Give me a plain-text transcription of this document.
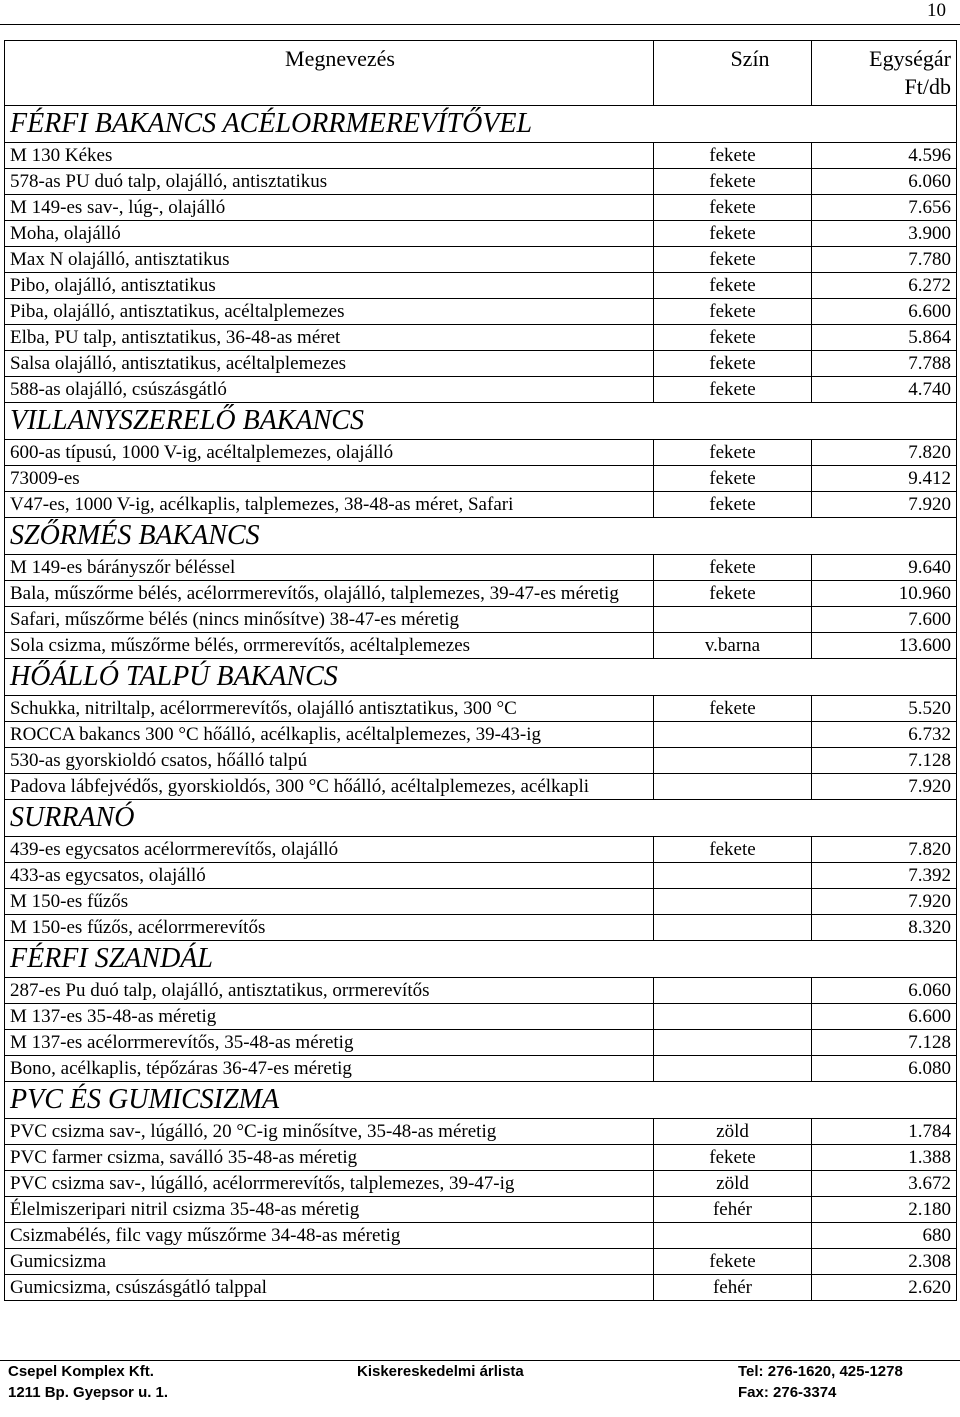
10
Megnevezés	Szín	Egységár
Ft/db

FÉRFI BAKANCS ACÉLORRMEREVÍTŐVEL		
M 130 Kékes	fekete	4.596
578-as PU duó talp, olajálló, antisztatikus	fekete	6.060
M 149-es sav-, lúg-, olajálló	fekete	7.656
Moha, olajálló	fekete	3.900
Max N olajálló, antisztatikus	fekete	7.780
Pibo, olajálló, antisztatikus	fekete	6.272
Piba, olajálló, antisztatikus, acéltalplemezes	fekete	6.600
Elba, PU talp, antisztatikus, 36-48-as méret	fekete	5.864
Salsa olajálló, antisztatikus, acéltalplemezes	fekete	7.788
588-as olajálló, csúszásgátló	fekete	4.740
VILLANYSZERELŐ BAKANCS		
600-as típusú, 1000 V-ig, acéltalplemezes, olajálló	fekete	7.820
73009-es	fekete	9.412
V47-es, 1000 V-ig, acélkaplis, talplemezes, 38-48-as méret, Safari	fekete	7.920
SZŐRMÉS BAKANCS		
M 149-es bárányszőr béléssel	fekete	9.640
Bala, műszőrme bélés, acélorrmerevítős, olajálló, talplemezes, 39-47-es méretig	fekete	10.960
Safari, műszőrme bélés (nincs minősítve) 38-47-es méretig		7.600
Sola csizma, műszőrme bélés, orrmerevítős, acéltalplemezes	v.barna	13.600
HŐÁLLÓ TALPÚ BAKANCS		
Schukka, nitriltalp, acélorrmerevítős, olajálló antisztatikus, 300 °C	fekete	5.520
ROCCA bakancs 300 °C hőálló, acélkaplis, acéltalplemezes, 39-43-ig		6.732
530-as gyorskioldó csatos, hőálló talpú		7.128
Padova lábfejvédős, gyorskioldós, 300 °C hőálló, acéltalplemezes, acélkapli		7.920
SURRANÓ		
439-es egycsatos acélorrmerevítős, olajálló	fekete	7.820
433-as egycsatos, olajálló		7.392
M 150-es fűzős		7.920
M 150-es fűzős, acélorrmerevítős		8.320
FÉRFI SZANDÁL		
287-es Pu duó talp, olajálló, antisztatikus, orrmerevítős		6.060
M 137-es 35-48-as méretig		6.600
M 137-es acélorrmerevítős, 35-48-as méretig		7.128
Bono, acélkaplis, tépőzáras 36-47-es méretig		6.080
PVC ÉS GUMICSIZMA		
PVC csizma sav-, lúgálló, 20 °C-ig minősítve, 35-48-as méretig	zöld	1.784
PVC farmer csizma, saválló 35-48-as méretig	fekete	1.388
PVC csizma sav-, lúgálló, acélorrmerevítős, talplemezes, 39-47-ig	zöld	3.672
Élelmiszeripari nitril csizma 35-48-as méretig	fehér	2.180
Csizmabélés, filc vagy műszőrme 34-48-as méretig		680
Gumicsizma	fekete	2.308
Gumicsizma, csúszásgátló talppal	fehér	2.620
Csepel Komplex Kft.	Kiskereskedelmi árlista	Tel: 276-1620, 425-1278
1211 Bp. Gyepsor u. 1.	Fax: 276-3374
